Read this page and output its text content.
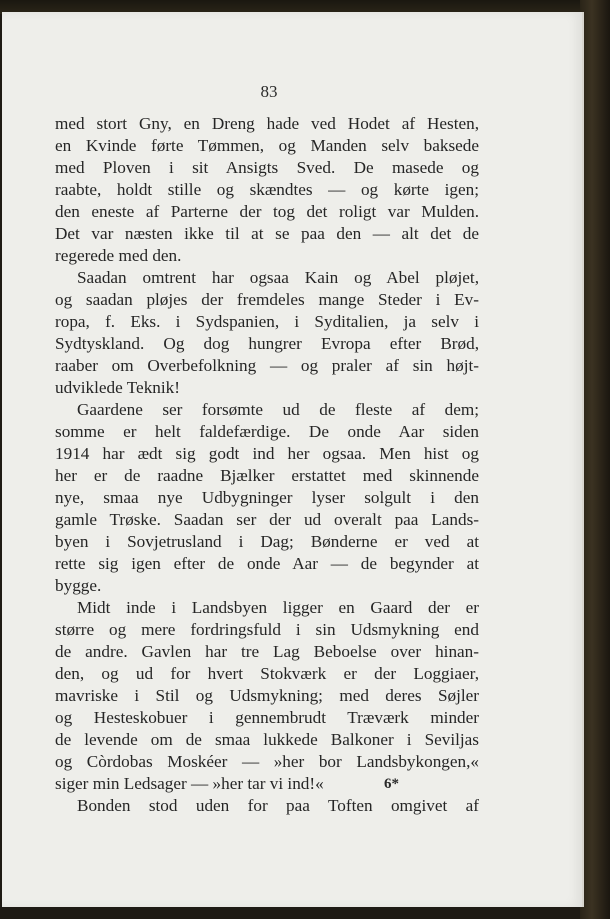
83
med stort Gny, en Dreng hade ved Hodet af Hesten,
en Kvinde førte Tømmen, og Manden selv baksede
med Ploven i sit Ansigts Sved. De masede og
raabte, holdt stille og skændtes — og kørte igen;
den eneste af Parterne der tog det roligt var Mulden.
Det var næsten ikke til at se paa den — alt det de
regerede med den.
Saadan omtrent har ogsaa Kain og Abel pløjet,
og saadan pløjes der fremdeles mange Steder i Ev-
ropa, f. Eks. i Sydspanien, i Syditalien, ja selv i
Sydtyskland. Og dog hungrer Evropa efter Brød,
raaber om Overbefolkning — og praler af sin højt-
udviklede Teknik!
Gaardene ser forsømte ud de fleste af dem;
somme er helt faldefærdige. De onde Aar siden
1914 har ædt sig godt ind her ogsaa. Men hist og
her er de raadne Bjælker erstattet med skinnende
nye, smaa nye Udbygninger lyser solgult i den
gamle Trøske. Saadan ser der ud overalt paa Lands-
byen i Sovjetrusland i Dag; Bønderne er ved at
rette sig igen efter de onde Aar — de begynder at
bygge.
Midt inde i Landsbyen ligger en Gaard der er
større og mere fordringsfuld i sin Udsmykning end
de andre. Gavlen har tre Lag Beboelse over hinan-
den, og ud for hvert Stokværk er der Loggiaer,
mavriske i Stil og Udsmykning; med deres Søjler
og Hesteskobuer i gennembrudt Træværk minder
de levende om de smaa lukkede Balkoner i Seviljas
og Còrdobas Moskéer — »her bor Landsbykongen,«
siger min Ledsager — »her tar vi ind!«
Bonden stod uden for paa Toften omgivet af
6*
